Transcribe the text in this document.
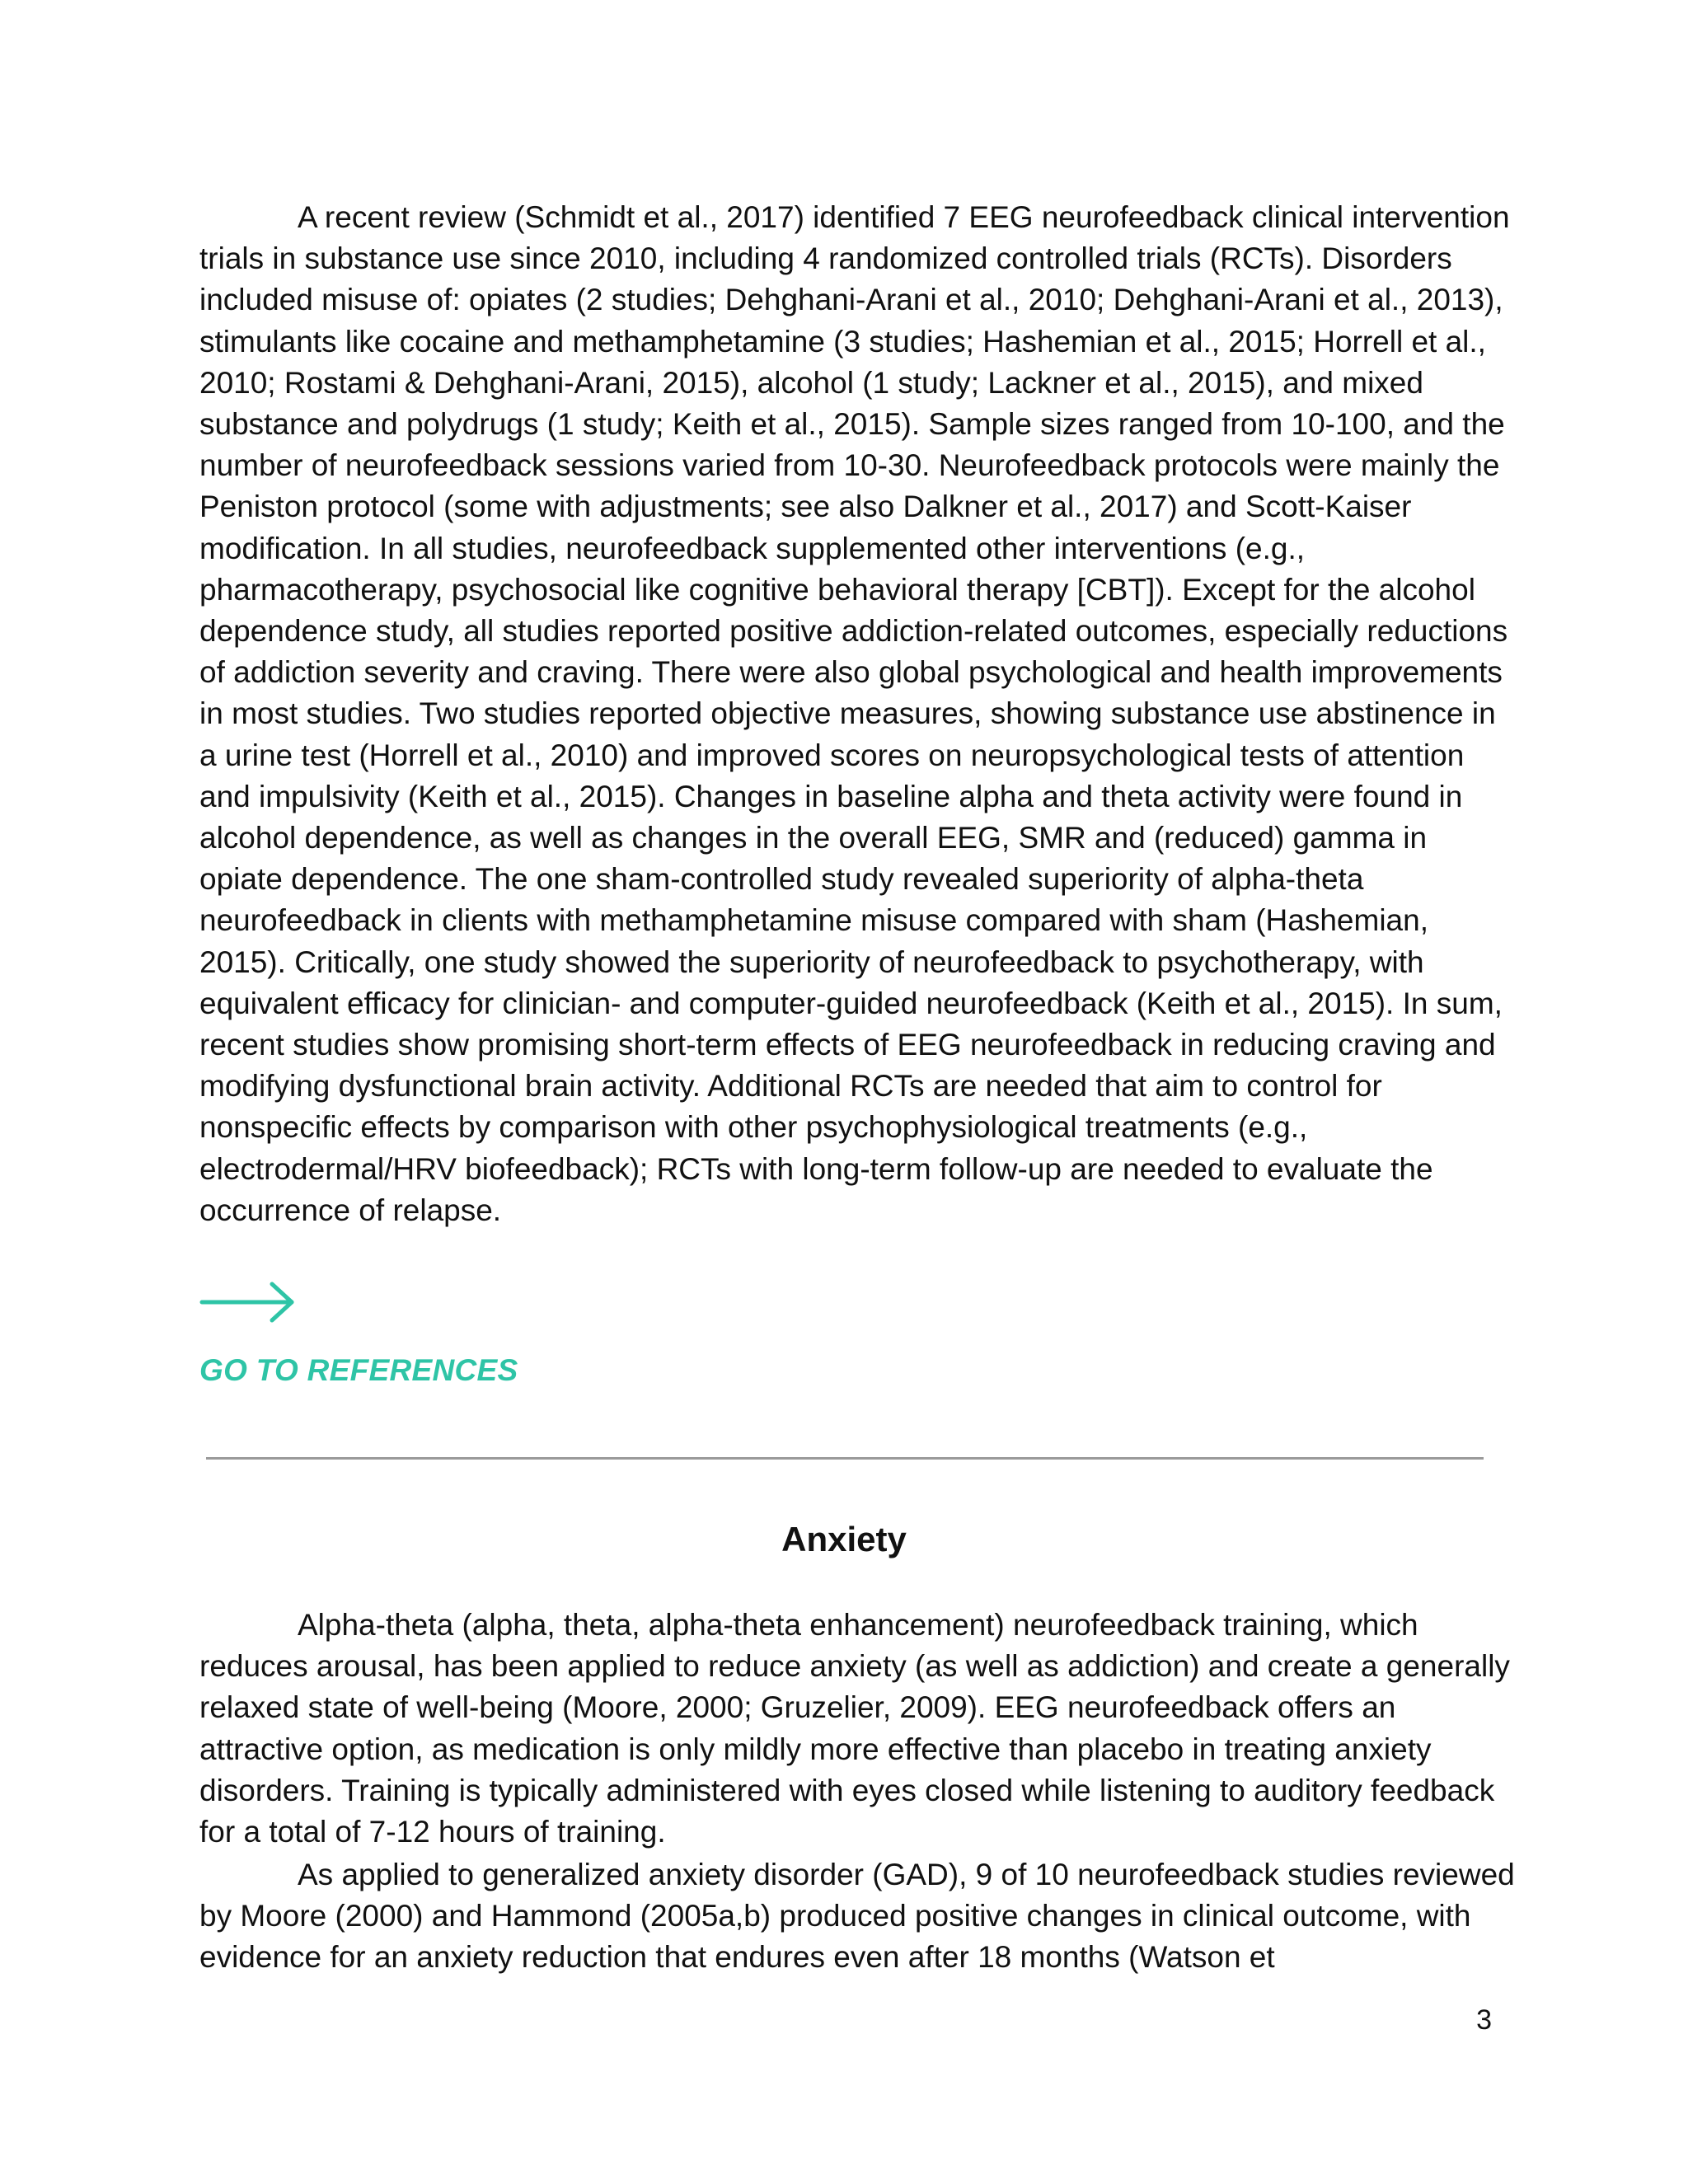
A recent review (Schmidt et al., 2017) identified 7 EEG neurofeedback clinical intervention trials in substance use since 2010, including 4 randomized controlled trials (RCTs). Disorders included misuse of: opiates (2 studies; Dehghani-Arani et al., 2010; Dehghani-Arani et al., 2013), stimulants like cocaine and methamphetamine (3 studies; Hashemian et al., 2015; Horrell et al., 2010; Rostami & Dehghani-Arani, 2015), alcohol (1 study; Lackner et al., 2015), and mixed substance and polydrugs (1 study; Keith et al., 2015). Sample sizes ranged from 10-100, and the number of neurofeedback sessions varied from 10-30. Neurofeedback protocols were mainly the Peniston protocol (some with adjustments; see also Dalkner et al., 2017) and Scott-Kaiser modification. In all studies, neurofeedback supplemented other interventions (e.g., pharmacotherapy, psychosocial like cognitive behavioral therapy [CBT]). Except for the alcohol dependence study, all studies reported positive addiction-related outcomes, especially reductions of addiction severity and craving. There were also global psychological and health improvements in most studies. Two studies reported objective measures, showing substance use abstinence in a urine test (Horrell et al., 2010) and improved scores on neuropsychological tests of attention and impulsivity (Keith et al., 2015). Changes in baseline alpha and theta activity were found in alcohol dependence, as well as changes in the overall EEG, SMR and (reduced) gamma in opiate dependence. The one sham-controlled study revealed superiority of alpha-theta neurofeedback in clients with methamphetamine misuse compared with sham (Hashemian, 2015). Critically, one study showed the superiority of neurofeedback to psychotherapy, with equivalent efficacy for clinician- and computer-guided neurofeedback (Keith et al., 2015). In sum, recent studies show promising short-term effects of EEG neurofeedback in reducing craving and modifying dysfunctional brain activity. Additional RCTs are needed that aim to control for nonspecific effects by comparison with other psychophysiological treatments (e.g., electrodermal/HRV biofeedback); RCTs with long-term follow-up are needed to evaluate the occurrence of relapse.

GO TO REFERENCES
Anxiety

Alpha-theta (alpha, theta, alpha-theta enhancement) neurofeedback training, which reduces arousal, has been applied to reduce anxiety (as well as addiction) and create a generally relaxed state of well-being (Moore, 2000; Gruzelier, 2009). EEG neurofeedback offers an attractive option, as medication is only mildly more effective than placebo in treating anxiety disorders. Training is typically administered with eyes closed while listening to auditory feedback for a total of 7-12 hours of training.

As applied to generalized anxiety disorder (GAD), 9 of 10 neurofeedback studies reviewed by Moore (2000) and Hammond (2005a,b) produced positive changes in clinical outcome, with evidence for an anxiety reduction that endures even after 18 months (Watson et

3
